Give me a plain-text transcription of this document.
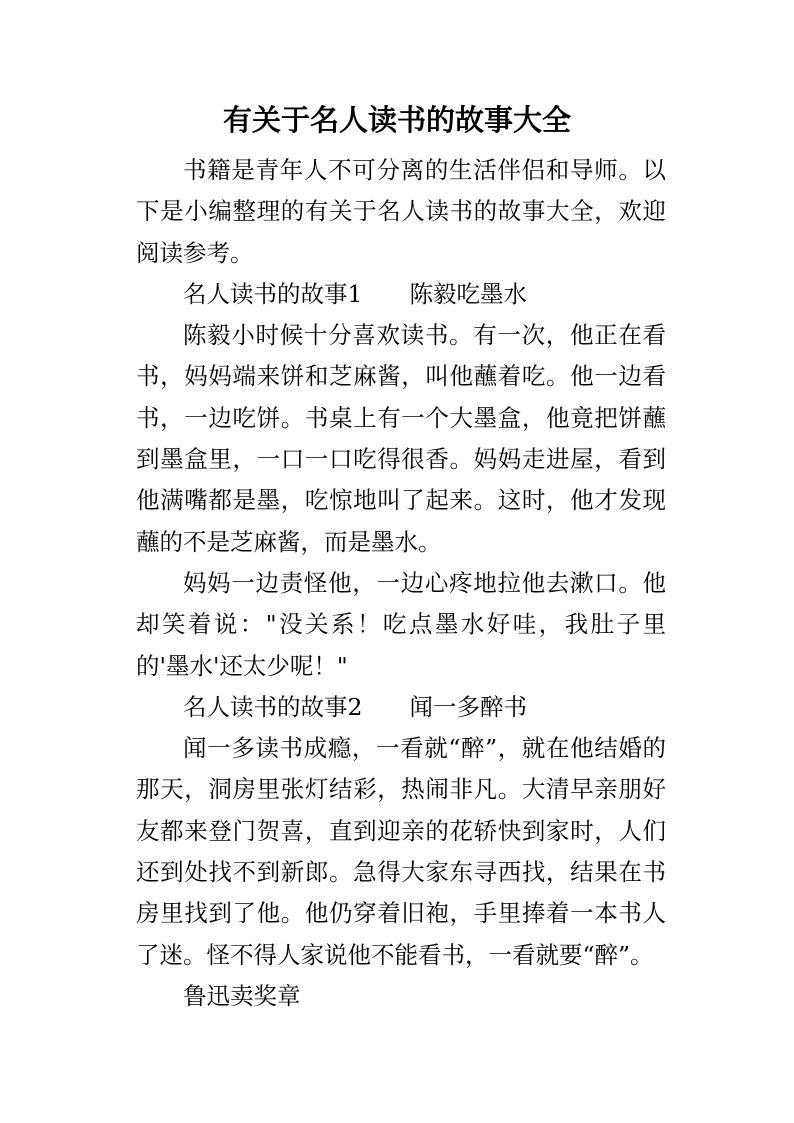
有关于名人读书的故事大全

书籍是青年人不可分离的生活伴侣和导师。以下是小编整理的有关于名人读书的故事大全，欢迎阅读参考。

名人读书的故事1　　陈毅吃墨水

陈毅小时候十分喜欢读书。有一次，他正在看书，妈妈端来饼和芝麻酱，叫他蘸着吃。他一边看书，一边吃饼。书桌上有一个大墨盒，他竟把饼蘸到墨盒里，一口一口吃得很香。妈妈走进屋，看到他满嘴都是墨，吃惊地叫了起来。这时，他才发现蘸的不是芝麻酱，而是墨水。

妈妈一边责怪他，一边心疼地拉他去漱口。他却笑着说："没关系！吃点墨水好哇，我肚子里的'墨水'还太少呢！"

名人读书的故事2　　闻一多醉书

闻一多读书成瘾，一看就“醉”，就在他结婚的那天，洞房里张灯结彩，热闹非凡。大清早亲朋好友都来登门贺喜，直到迎亲的花轿快到家时，人们还到处找不到新郎。急得大家东寻西找，结果在书房里找到了他。他仍穿着旧袍，手里捧着一本书人了迷。怪不得人家说他不能看书，一看就要“醉”。

鲁迅卖奖章
